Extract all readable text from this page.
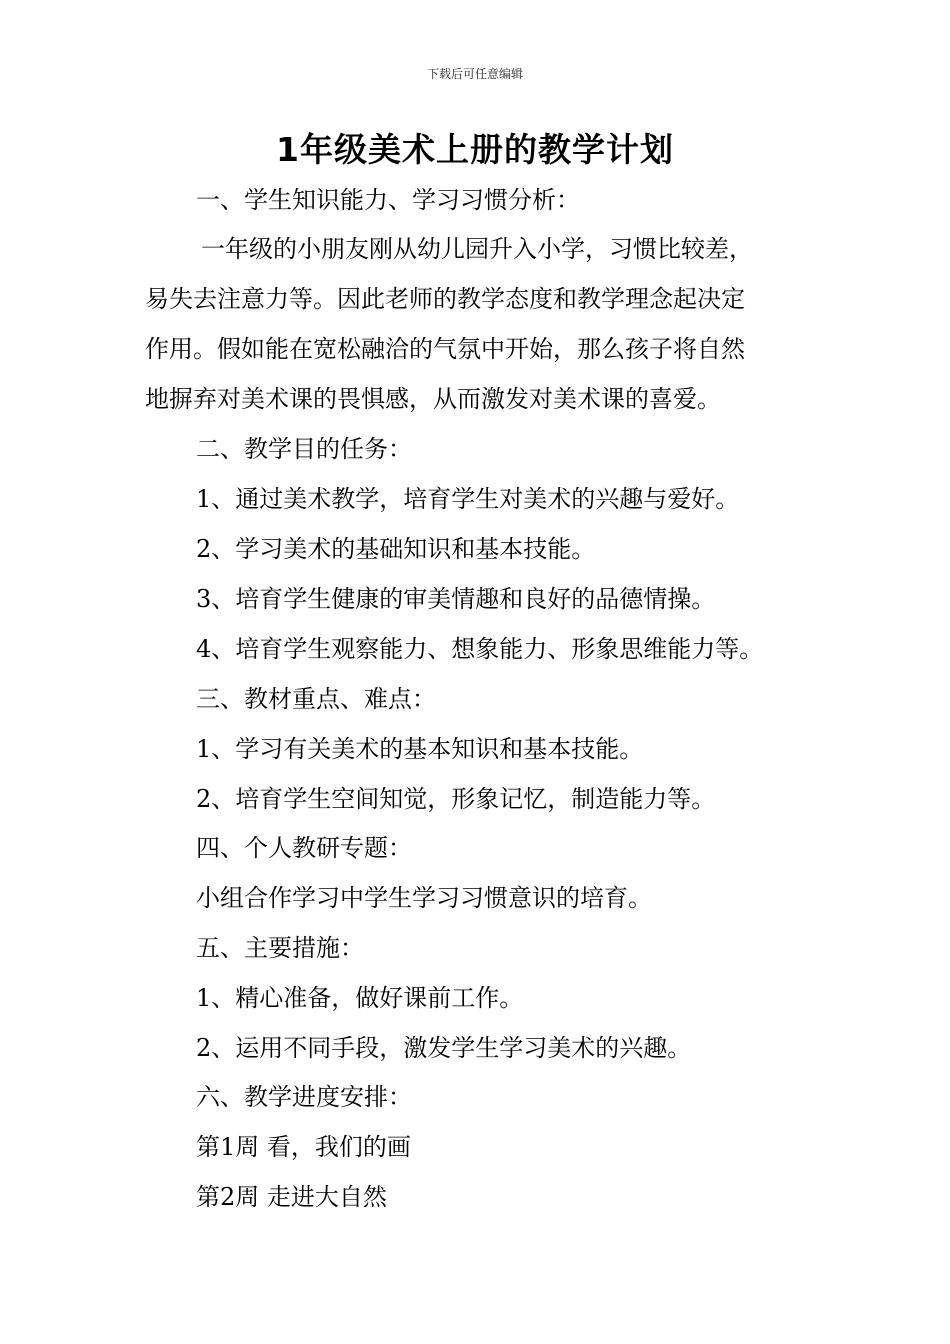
下载后可任意编辑
1年级美术上册的教学计划
一、学生知识能力、学习习惯分析：

一年级的小朋友刚从幼儿园升入小学，习惯比较差，

易失去注意力等。因此老师的教学态度和教学理念起决定

作用。假如能在宽松融洽的气氛中开始，那么孩子将自然

地摒弃对美术课的畏惧感，从而激发对美术课的喜爱。

二、教学目的任务：
1、通过美术教学，培育学生对美术的兴趣与爱好。
2、学习美术的基础知识和基本技能。
3、培育学生健康的审美情趣和良好的品德情操。
4、培育学生观察能力、想象能力、形象思维能力等。
三、教材重点、难点：
1、学习有关美术的基本知识和基本技能。
2、培育学生空间知觉，形象记忆，制造能力等。
四、个人教研专题：
小组合作学习中学生学习习惯意识的培育。
五、主要措施：
1、精心准备，做好课前工作。
2、运用不同手段，激发学生学习美术的兴趣。
六、教学进度安排：
第1周 看，我们的画
第2周 走进大自然
